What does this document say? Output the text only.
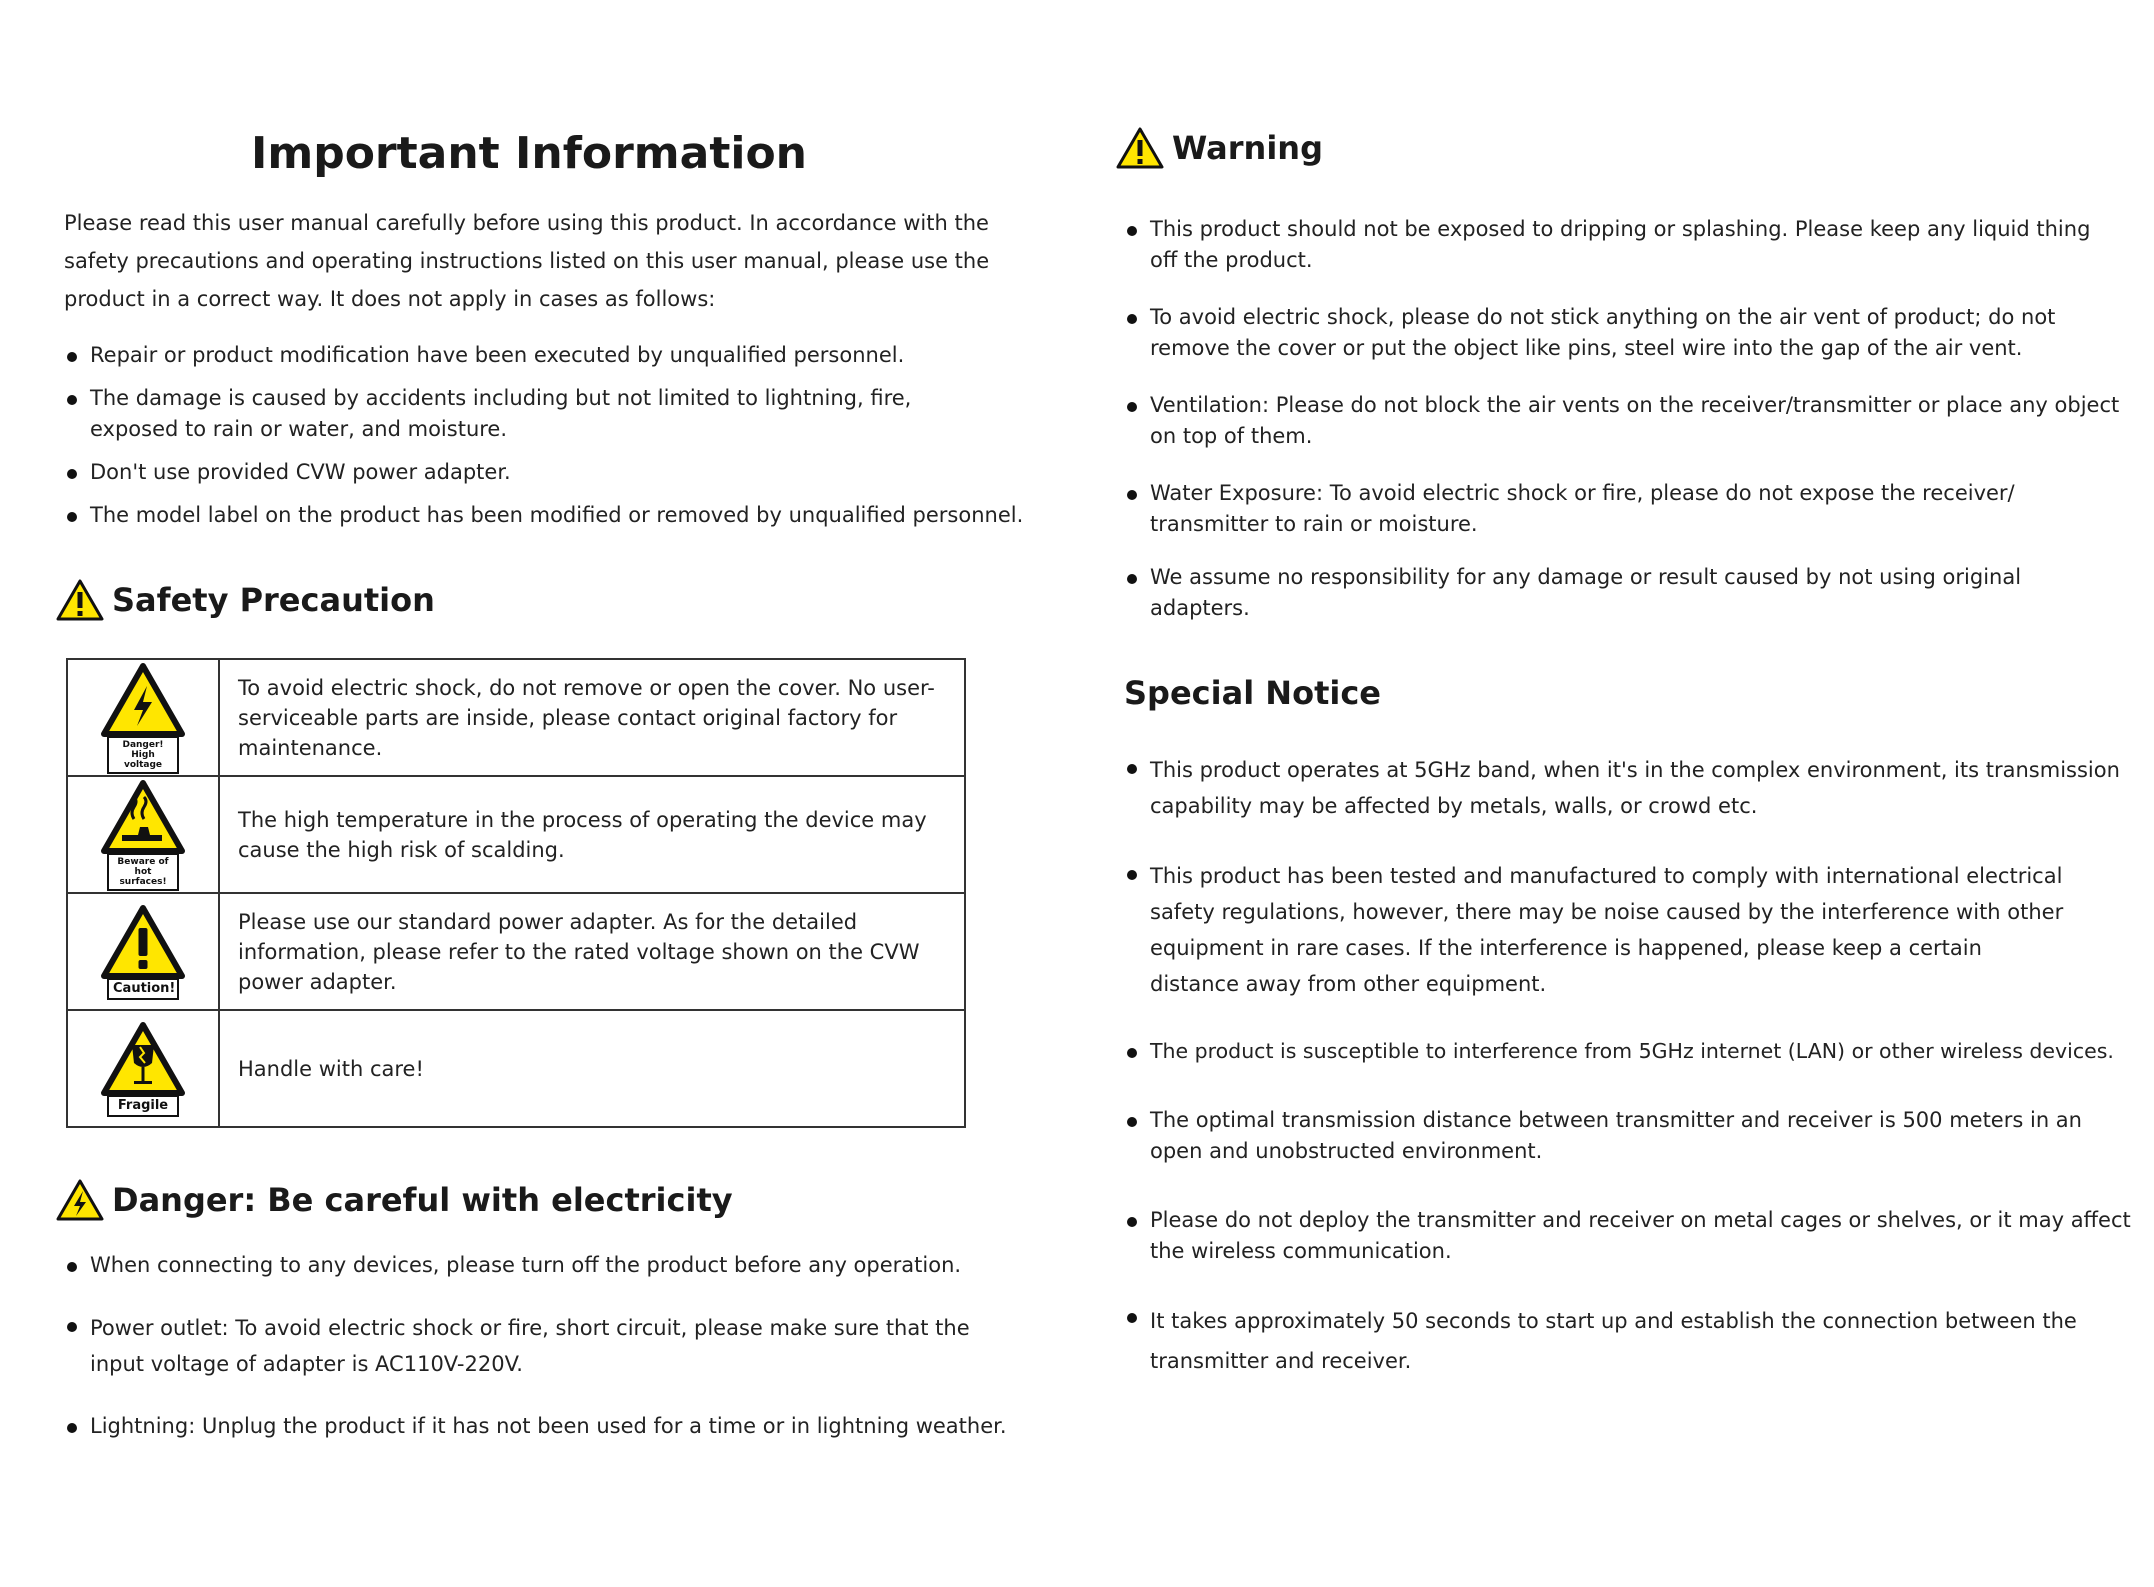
Important Information

Please read this user manual carefully before using this product. In accordance with the safety precautions and operating instructions listed on this user manual, please use the product in a correct way. It does not apply in cases as follows:

Repair or product modification have been executed by unqualified personnel.
The damage is caused by accidents including but not limited to lightning, fire, exposed to rain or water, and moisture.
Don't use provided CVW power adapter.
The model label on the product has been modified or removed by unqualified personnel.
Safety Precaution
Danger!
High voltage	To avoid electric shock, do not remove or open the cover. No user-serviceable parts are inside, please contact original factory for maintenance.

Beware of
hot surfaces!	The high temperature in the process of operating the device may cause the high risk of scalding.

Caution!	Please use our standard power adapter. As for the detailed information, please refer to the rated voltage shown on the CVW power adapter.

Fragile	Handle with care!
Danger: Be careful with electricity
When connecting to any devices, please turn off the product before any operation.
Power outlet: To avoid electric shock or fire, short circuit, please make sure that the input voltage of adapter is AC110V-220V.
Lightning: Unplug the product if it has not been used for a time or in lightning weather.
Warning
This product should not be exposed to dripping or splashing. Please keep any liquid thing off the product.
To avoid electric shock, please do not stick anything on the air vent of product; do not remove the cover or put the object like pins, steel wire into the gap of the air vent.
Ventilation: Please do not block the air vents on the receiver/transmitter or place any object on top of them.
Water Exposure: To avoid electric shock or fire, please do not expose the receiver/ transmitter to rain or moisture.
We assume no responsibility for any damage or result caused by not using original adapters.
Special Notice
This product operates at 5GHz band, when it's in the complex environment, its transmission capability may be affected by metals, walls, or crowd etc.
This product has been tested and manufactured to comply with international electrical safety regulations, however, there may be noise caused by the interference with other equipment in rare cases. If the interference is happened, please keep a certain distance away from other equipment.
The product is susceptible to interference from 5GHz internet (LAN) or other wireless devices.
The optimal transmission distance between transmitter and receiver is 500 meters in an open and unobstructed environment.
Please do not deploy the transmitter and receiver on metal cages or shelves, or it may affect the wireless communication.
It takes approximately 50 seconds to start up and establish the connection between the transmitter and receiver.
